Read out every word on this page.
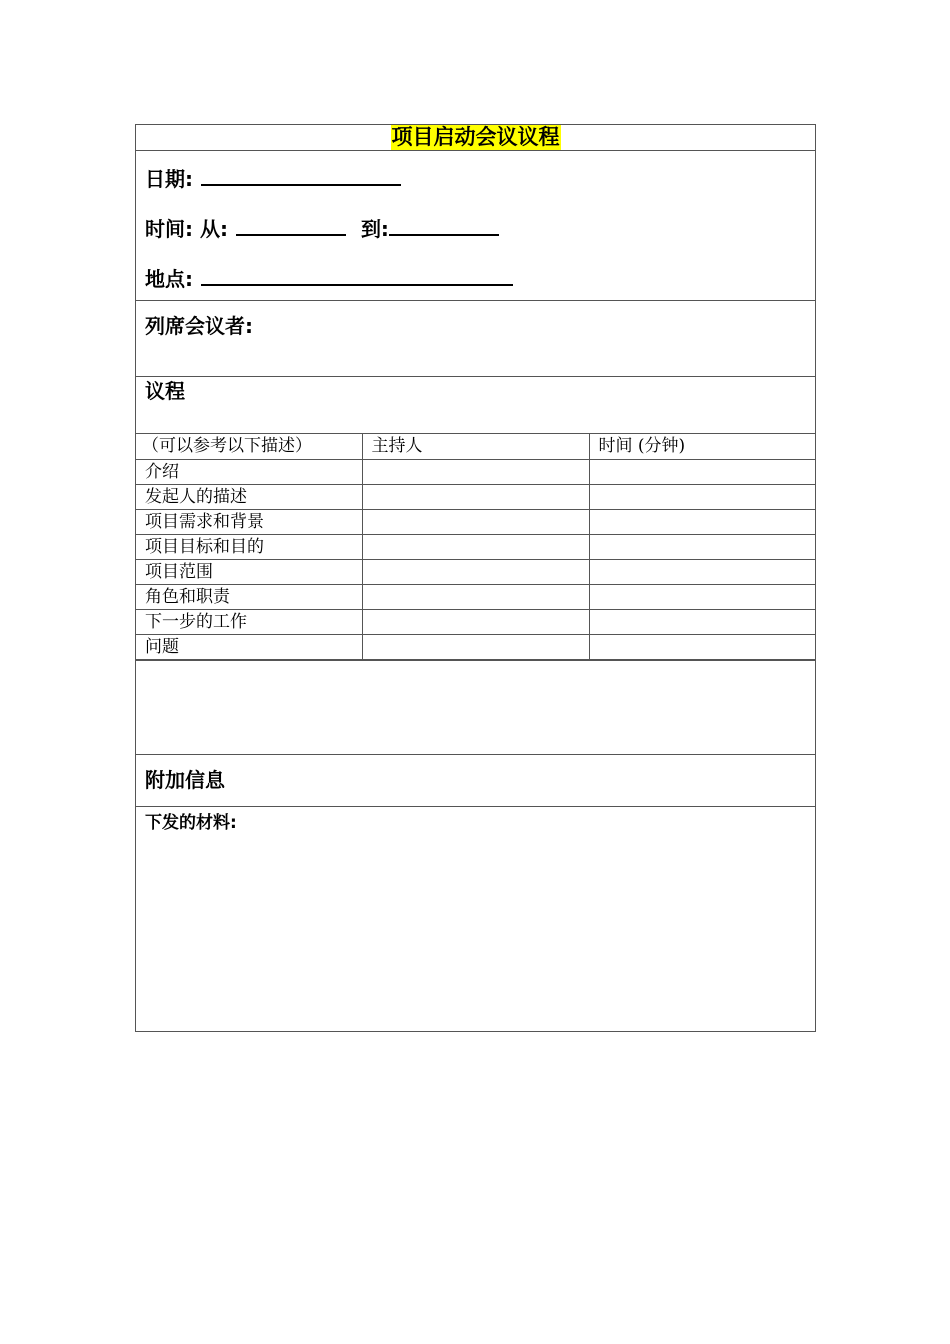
项目启动会议议程
日期:
时间: 从:	到:
地点:
列席会议者:
议程
（可以参考以下描述）	主持人	时间 (分钟)
介绍		
发起人的描述		
项目需求和背景		
项目目标和目的		
项目范围		
角色和职责		
下一步的工作		
问题		
附加信息
下发的材料:
